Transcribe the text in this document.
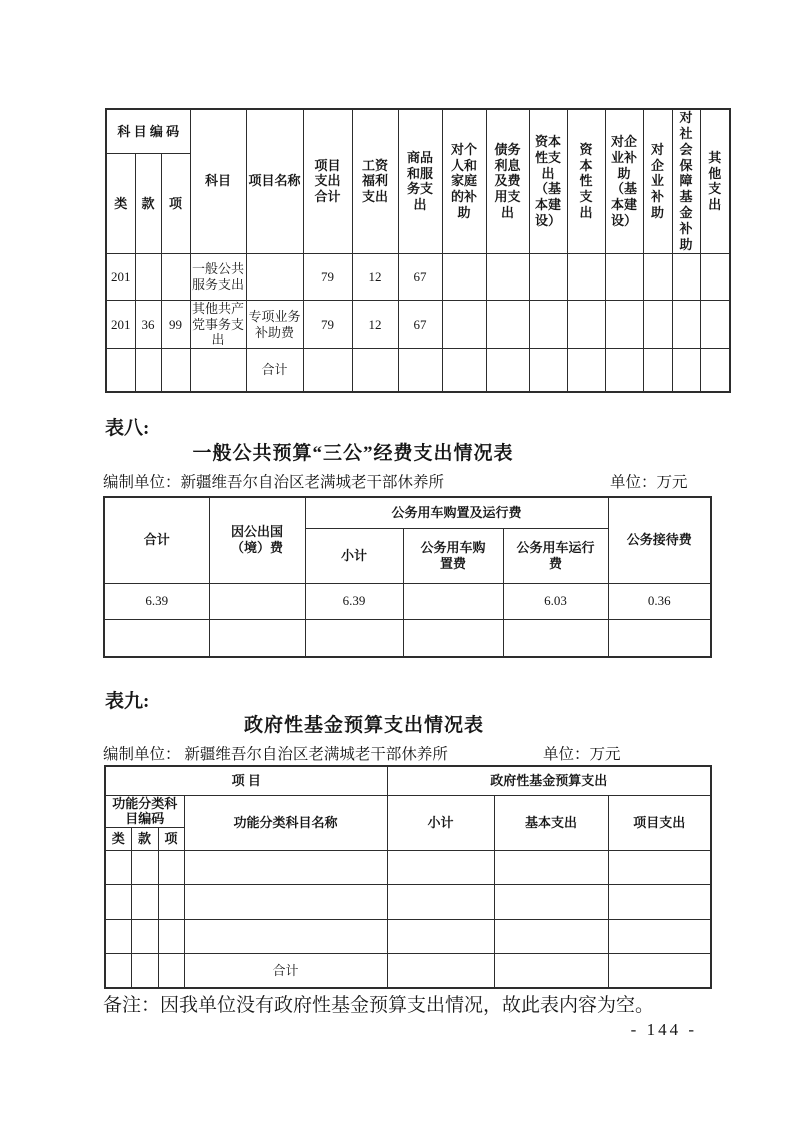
科 目 编 码			科目	项目名称	项目支出合计	工资福利支出	商品和服务支出	对个人和家庭的补助	债务利息及费用支出	资本性支出（基本建设）	资本性支出	对企业补助（基本建设）	对企业补助	对社会保障基金补助	其他支出

类	款	项													
201			一般公共服务支出		79	12	67								
201	36	99	其他共产党事务支出	专项业务补助费	79	12	67								
				合计											
表八:
一般公共预算“三公”经费支出情况表
编制单位：新疆维吾尔自治区老满城老干部休养所	单位：万元
合计	因公出国（境）费	公务用车购置及运行费			公务接待费
		小计	公务用车购置费	公务用车运行费	

6.39		6.39		6.03	0.36

表九:
政府性基金预算支出情况表
编制单位： 新疆维吾尔自治区老满城老干部休养所	单位：万元
项 目				政府性基金预算支出		

功能分类科目编码			功能分类科目名称	小计	基本支出	项目支出
类	款	项				

			合计			
备注：因我单位没有政府性基金预算支出情况，故此表内容为空。
- 144 -
